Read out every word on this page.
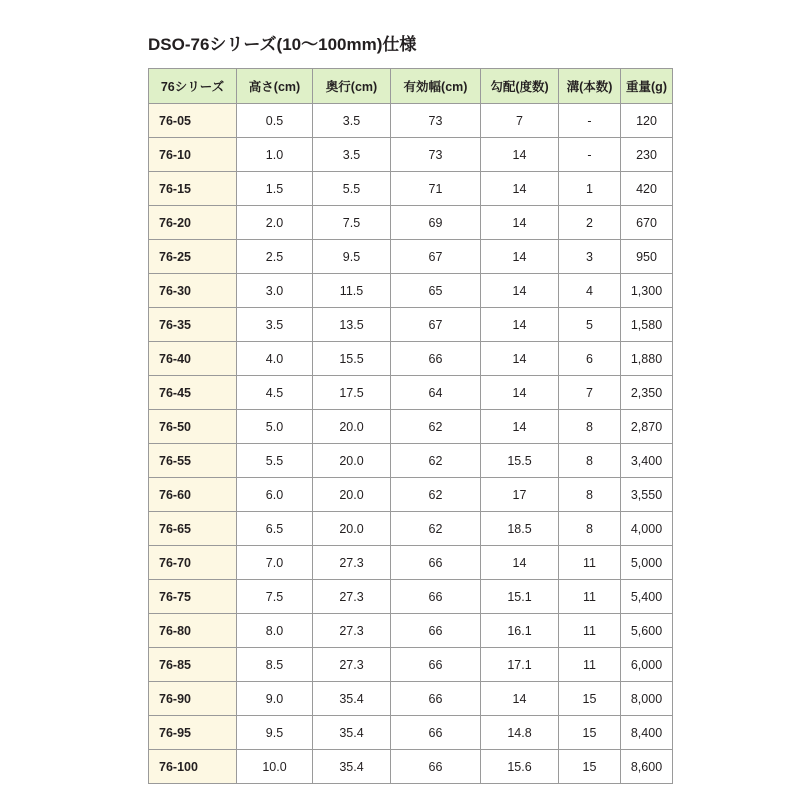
DSO-76シリーズ(10〜100mm)仕様
76シリーズ	高さ(cm)	奥行(cm)	有効幅(cm)	勾配(度数)	溝(本数)	重量(g)
76-05	0.5	3.5	73	7	-	120
76-10	1.0	3.5	73	14	-	230
76-15	1.5	5.5	71	14	1	420
76-20	2.0	7.5	69	14	2	670
76-25	2.5	9.5	67	14	3	950
76-30	3.0	11.5	65	14	4	1,300
76-35	3.5	13.5	67	14	5	1,580
76-40	4.0	15.5	66	14	6	1,880
76-45	4.5	17.5	64	14	7	2,350
76-50	5.0	20.0	62	14	8	2,870
76-55	5.5	20.0	62	15.5	8	3,400
76-60	6.0	20.0	62	17	8	3,550
76-65	6.5	20.0	62	18.5	8	4,000
76-70	7.0	27.3	66	14	11	5,000
76-75	7.5	27.3	66	15.1	11	5,400
76-80	8.0	27.3	66	16.1	11	5,600
76-85	8.5	27.3	66	17.1	11	6,000
76-90	9.0	35.4	66	14	15	8,000
76-95	9.5	35.4	66	14.8	15	8,400
76-100	10.0	35.4	66	15.6	15	8,600
